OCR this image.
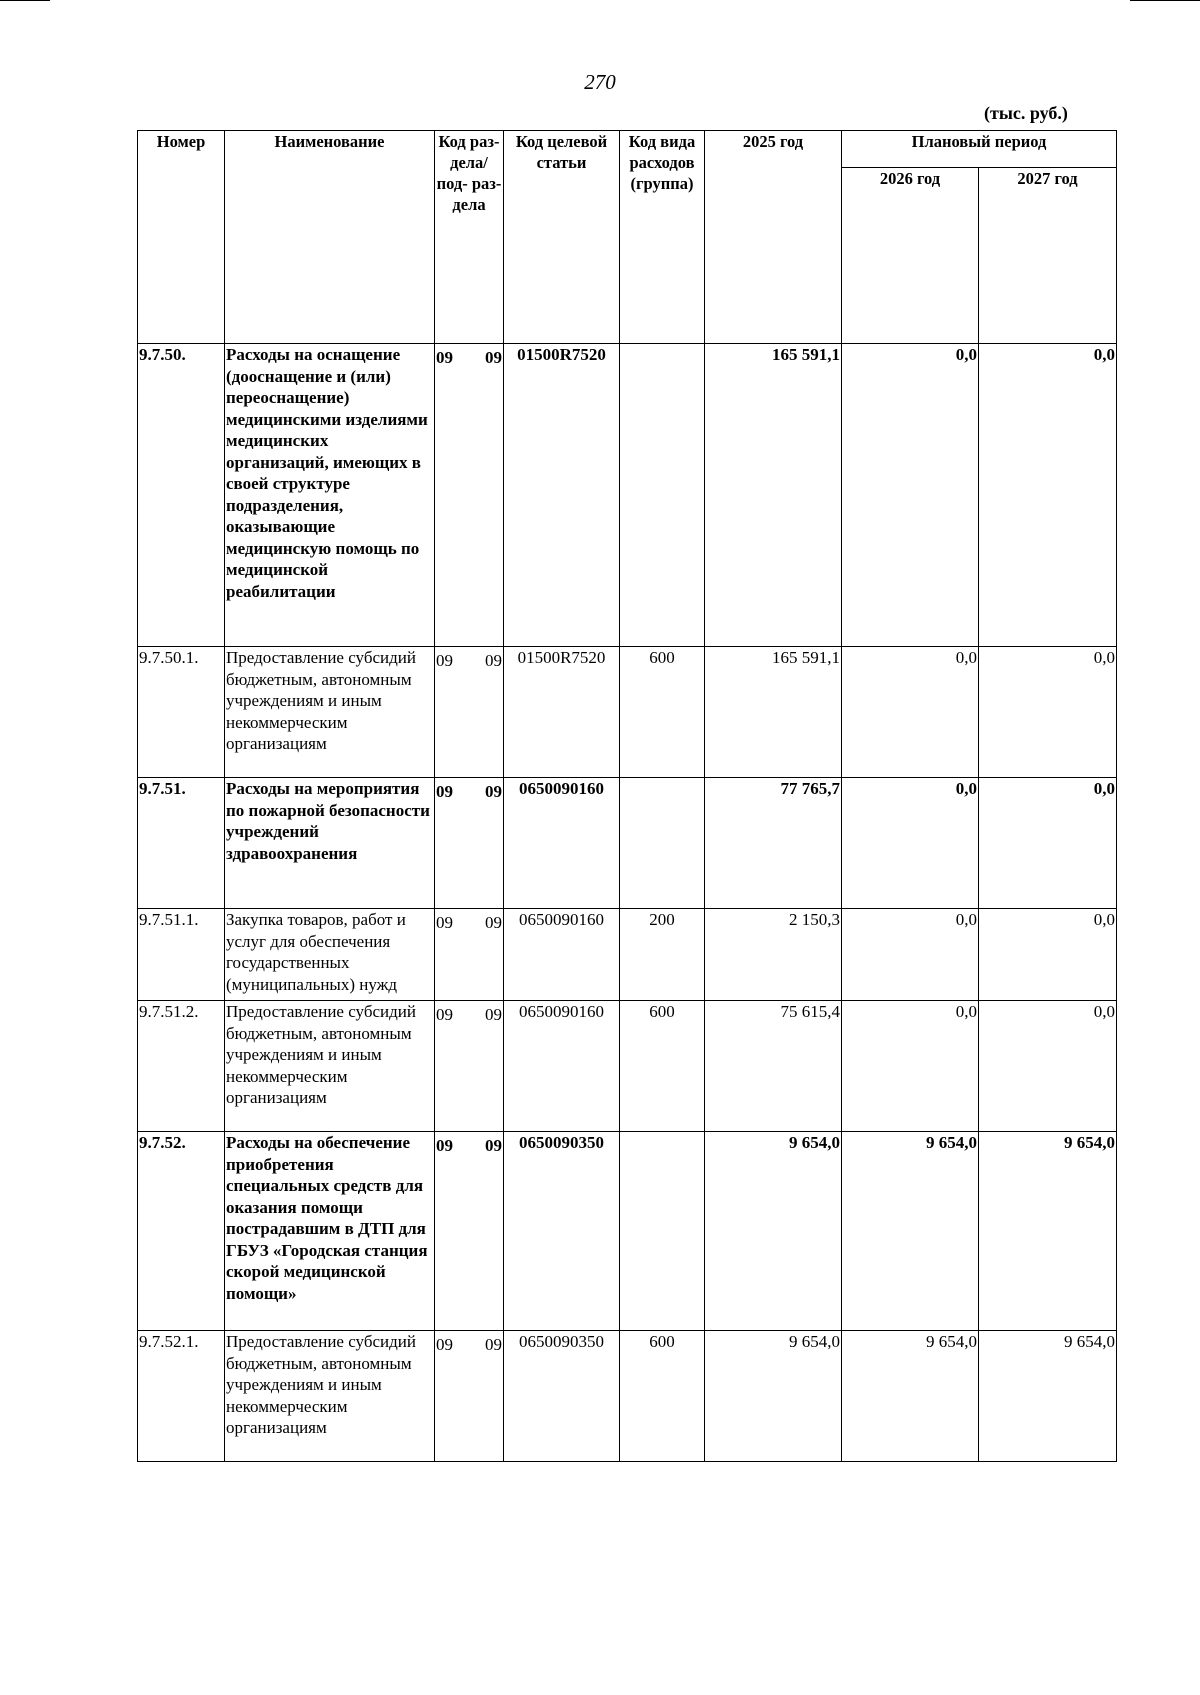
270
(тыс. руб.)
Номер	Наименование	Код раз- дела/ под- раз- дела	Код целевой статьи	Код вида расходов (группа)	2025 год	Плановый период	
						2026 год	2027 год
9.7.50.	Расходы на оснащение (дооснащение и (или) переоснащение) медицинскими изделиями медицинских организаций, имеющих в своей структуре подразделения, оказывающие медицинскую помощь по медицинской реабилитации	09 09	01500R7520		165 591,1	0,0	0,0
9.7.50.1.	Предоставление субсидий бюджетным, автономным учреждениям и иным некоммерческим организациям	09 09	01500R7520	600	165 591,1	0,0	0,0
9.7.51.	Расходы на мероприятия по пожарной безопасности учреждений здравоохранения	09 09	0650090160		77 765,7	0,0	0,0
9.7.51.1.	Закупка товаров, работ и услуг для обеспечения государственных (муниципальных) нужд	09 09	0650090160	200	2 150,3	0,0	0,0
9.7.51.2.	Предоставление субсидий бюджетным, автономным учреждениям и иным некоммерческим организациям	09 09	0650090160	600	75 615,4	0,0	0,0
9.7.52.	Расходы на обеспечение приобретения специальных средств для оказания помощи пострадавшим в ДТП для ГБУЗ «Городская станция скорой медицинской помощи»	09 09	0650090350		9 654,0	9 654,0	9 654,0
9.7.52.1.	Предоставление субсидий бюджетным, автономным учреждениям и иным некоммерческим организациям	09 09	0650090350	600	9 654,0	9 654,0	9 654,0
